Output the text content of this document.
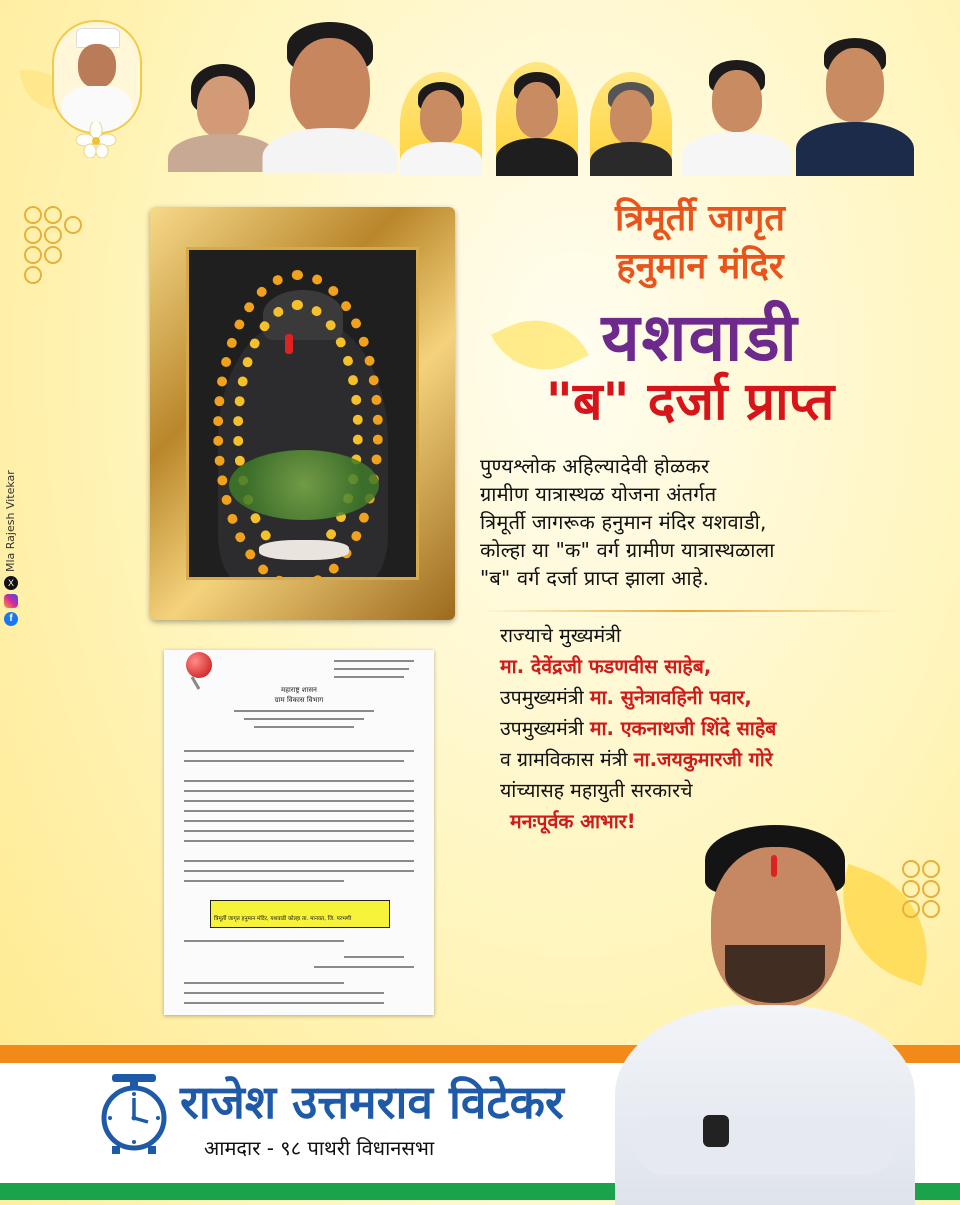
त्रिमूर्ती जागृत
हनुमान मंदिर
यशवाडी
"ब" दर्जा प्राप्त
महाराष्ट्र शासन
ग्राम विकास विभाग
त्रिमूर्ती जागृत हनुमान मंदिर, यशवाडी कोल्हा ता. मानवत, जि. परभणी
पुण्यश्लोक अहिल्यादेवी होळकर
ग्रामीण यात्रास्थळ योजना अंतर्गत
त्रिमूर्ती जागरूक हनुमान मंदिर यशवाडी,
कोल्हा या "क" वर्ग ग्रामीण यात्रास्थळाला
"ब" वर्ग दर्जा प्राप्त झाला आहे.
राज्याचे मुख्यमंत्री
मा. देवेंद्रजी फडणवीस साहेब,
उपमुख्यमंत्री मा. सुनेत्रावहिनी पवार,
उपमुख्यमंत्री मा. एकनाथजी शिंदे साहेब
व ग्रामविकास मंत्री ना.जयकुमारजी गोरे
यांच्यासह महायुती सरकारचे
मनःपूर्वक आभार!
राजेश उत्तमराव विटेकर
आमदार - ९८ पाथरी विधानसभा
f
X
Mla Rajesh Vitekar
